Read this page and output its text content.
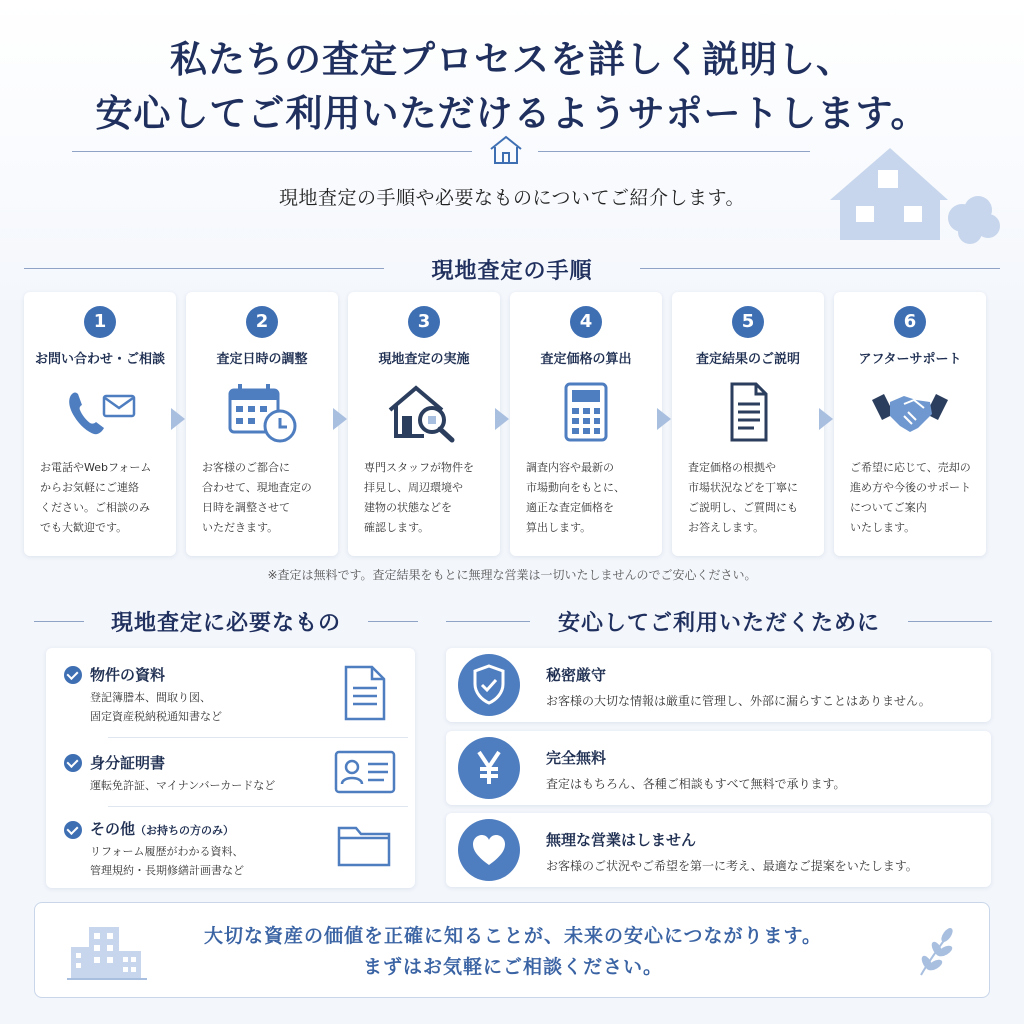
私たちの査定プロセスを詳しく説明し、
安心してご利用いただけるようサポートします。
現地査定の手順や必要なものについてご紹介します。
現地査定の手順
1
お問い合わせ・ご相談
お電話やWebフォーム
からお気軽にご連絡
ください。ご相談のみ
でも大歓迎です。
2
査定日時の調整
お客様のご都合に
合わせて、現地査定の
日時を調整させて
いただきます。
3
現地査定の実施
専門スタッフが物件を
拝見し、周辺環境や
建物の状態などを
確認します。
4
査定価格の算出
調査内容や最新の
市場動向をもとに、
適正な査定価格を
算出します。
5
査定結果のご説明
査定価格の根拠や
市場状況などを丁寧に
ご説明し、ご質問にも
お答えします。
6
アフターサポート
ご希望に応じて、売却の
進め方や今後のサポート
についてご案内
いたします。
※査定は無料です。査定結果をもとに無理な営業は一切いたしませんのでご安心ください。
現地査定に必要なもの
物件の資料
登記簿謄本、間取り図、
固定資産税納税通知書など
身分証明書
運転免許証、マイナンバーカードなど
その他（お持ちの方のみ）
リフォーム履歴がわかる資料、
管理規約・長期修繕計画書など
安心してご利用いただくために
秘密厳守
お客様の大切な情報は厳重に管理し、外部に漏らすことはありません。
完全無料
査定はもちろん、各種ご相談もすべて無料で承ります。
無理な営業はしません
お客様のご状況やご希望を第一に考え、最適なご提案をいたします。
大切な資産の価値を正確に知ることが、未来の安心につながります。
まずはお気軽にご相談ください。
